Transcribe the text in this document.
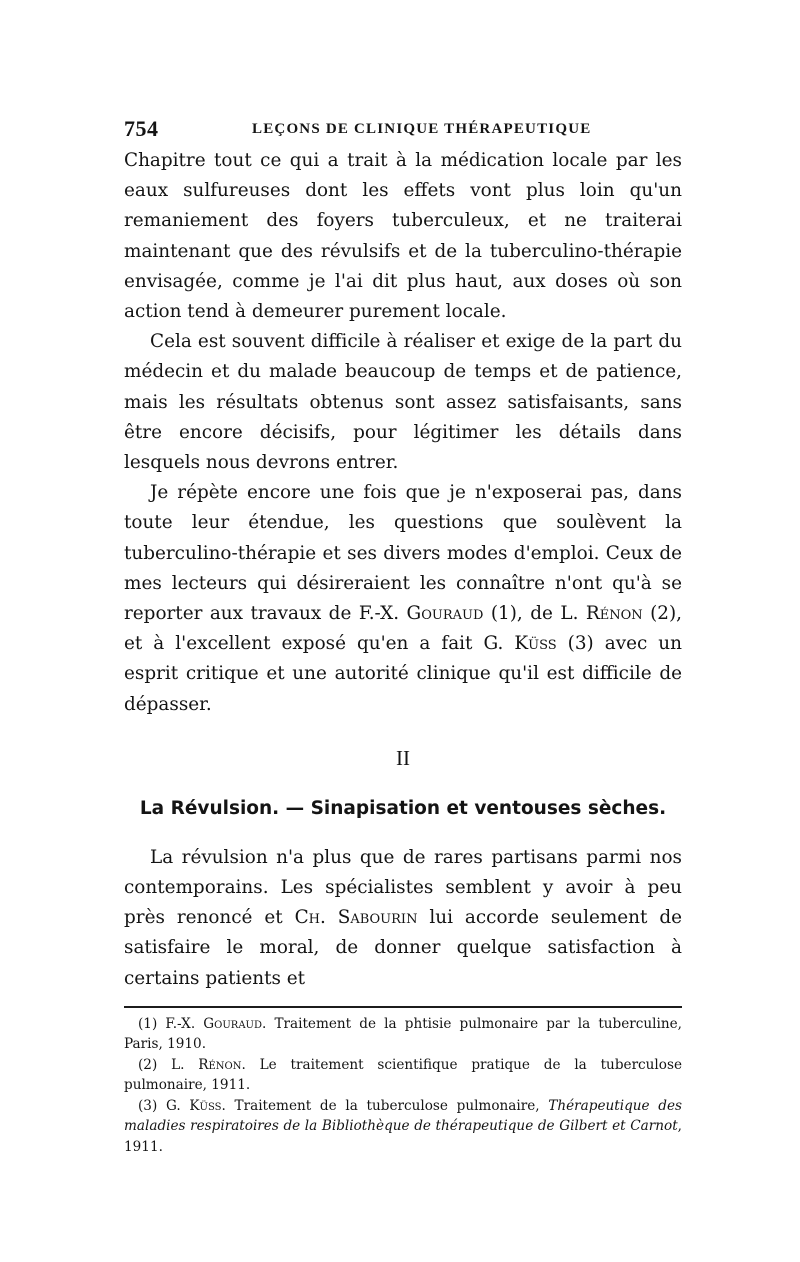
754	LEÇONS DE CLINIQUE THÉRAPEUTIQUE

Chapitre tout ce qui a trait à la médication locale par les eaux sulfureuses dont les effets vont plus loin qu'un remaniement des foyers tuberculeux, et ne traiterai maintenant que des révulsifs et de la tuberculino-thérapie envisagée, comme je l'ai dit plus haut, aux doses où son action tend à demeurer purement locale.

Cela est souvent difficile à réaliser et exige de la part du médecin et du malade beaucoup de temps et de patience, mais les résultats obtenus sont assez satisfaisants, sans être encore décisifs, pour légitimer les détails dans lesquels nous devrons entrer.

Je répète encore une fois que je n'exposerai pas, dans toute leur étendue, les questions que soulèvent la tuberculino-thérapie et ses divers modes d'emploi. Ceux de mes lecteurs qui désireraient les connaître n'ont qu'à se reporter aux travaux de F.-X. Gouraud (1), de L. Rénon (2), et à l'excellent exposé qu'en a fait G. Küss (3) avec un esprit critique et une autorité clinique qu'il est difficile de dépasser.

II
La Révulsion. — Sinapisation et ventouses sèches.

La révulsion n'a plus que de rares partisans parmi nos contemporains. Les spécialistes semblent y avoir à peu près renoncé et Ch. Sabourin lui accorde seulement de satisfaire le moral, de donner quelque satisfaction à certains patients et

(1) F.-X. Gouraud. Traitement de la phtisie pulmonaire par la tuberculine, Paris, 1910.

(2) L. Rénon. Le traitement scientifique pratique de la tuberculose pulmonaire, 1911.

(3) G. Küss. Traitement de la tuberculose pulmonaire, Thérapeutique des maladies respiratoires de la Bibliothèque de thérapeutique de Gilbert et Carnot, 1911.
